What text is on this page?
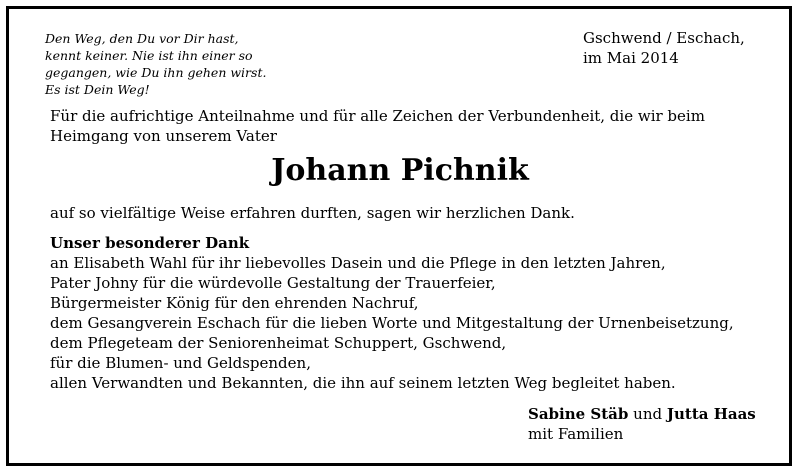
Den Weg, den Du vor Dir hast,
kennt keiner. Nie ist ihn einer so
gegangen, wie Du ihn gehen wirst.
Es ist Dein Weg!
Gschwend / Eschach,
im Mai 2014
Für die aufrichtige Anteilnahme und für alle Zeichen der Verbundenheit, die wir beim
Heimgang von unserem Vater
Johann Pichnik
auf so vielfältige Weise erfahren durften, sagen wir herzlichen Dank.
Unser besonderer Dank
an Elisabeth Wahl für ihr liebevolles Dasein und die Pflege in den letzten Jahren,
Pater Johny für die würdevolle Gestaltung der Trauerfeier,
Bürgermeister König für den ehrenden Nachruf,
dem Gesangverein Eschach für die lieben Worte und Mitgestaltung der Urnenbeisetzung,
dem Pflegeteam der Seniorenheimat Schuppert, Gschwend,
für die Blumen- und Geldspenden,
allen Verwandten und Bekannten, die ihn auf seinem letzten Weg begleitet haben.
Sabine Stäb und Jutta Haas
mit Familien
